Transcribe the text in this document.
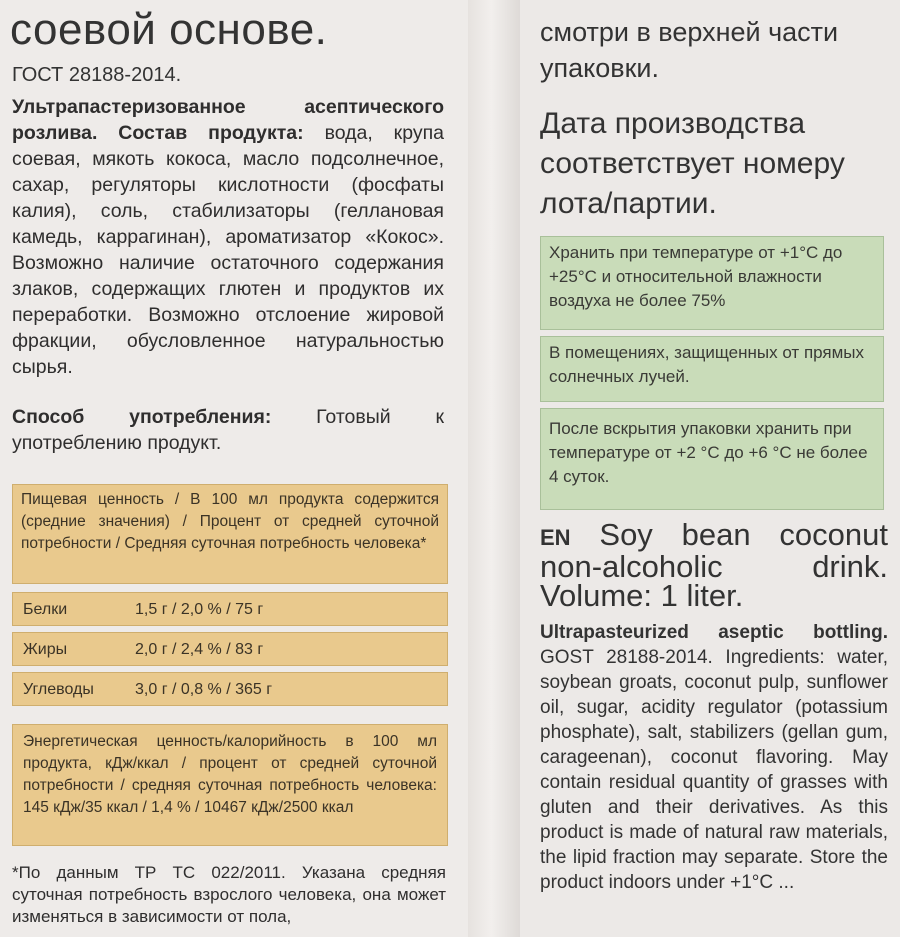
соевой основе.
ГОСТ 28188-2014.
Ультрапастеризованное асептического розлива. Состав продукта: вода, крупа соевая, мякоть кокоса, масло подсолнечное, сахар, регуляторы кислотности (фосфаты калия), соль, стабилизаторы (геллановая камедь, каррагинан), ароматизатор «Кокос». Возможно наличие остаточного содержания злаков, содержащих глютен и продуктов их переработки. Возможно отслоение жировой фракции, обусловленное натуральностью сырья.
Способ употребления: Готовый к употреблению продукт.
Пищевая ценность / В 100 мл продукта содержится (средние значения) / Процент от средней суточной потребности / Средняя суточная потребность человека*
Белки	1,5 г / 2,0 % / 75 г
Жиры	2,0 г / 2,4 % / 83 г
Углеводы	3,0 г / 0,8 % / 365 г
Энергетическая ценность/калорийность в 100 мл продукта, кДж/ккал / процент от средней суточной потребности / средняя суточная потребность человека: 145 кДж/35 ккал / 1,4 % / 10467 кДж/2500 ккал
*По данным ТР ТС 022/2011. Указана средняя суточная потребность взрослого человека, она может изменяться в зависимости от пола,
смотри в верхней части упаковки.
Дата производства соответствует номеру лота/партии.
Хранить при температуре от +1°С до +25°С и относительной влажности воздуха не более 75%
В помещениях, защищенных от прямых солнечных лучей.
После вскрытия упаковки хранить при температуре от +2 °С до +6 °С не более 4 суток.
EN Soy bean coconut non-alcoholic drink. Volume: 1 liter.
Ultrapasteurized aseptic bottling. GOST 28188-2014. Ingredients: water, soybean groats, coconut pulp, sunflower oil, sugar, acidity regulator (potassium phosphate), salt, stabilizers (gellan gum, carageenan), coconut flavoring. May contain residual quantity of grasses with gluten and their derivatives. As this product is made of natural raw materials, the lipid fraction may separate. Store the product indoors under +1°C ...
